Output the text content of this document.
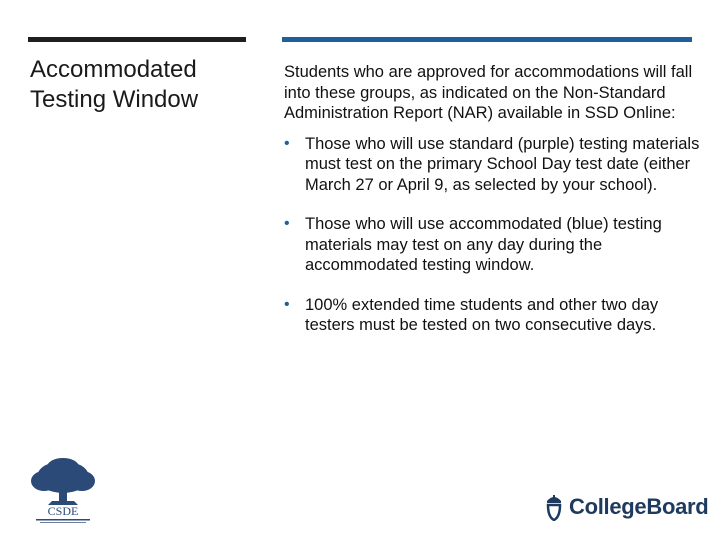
Accommodated Testing Window

Students who are approved for accommodations will fall into these groups, as indicated on the Non-Standard Administration Report (NAR) available in SSD Online:

• Those who will use standard (purple) testing materials must test on the primary School Day test date (either March 27 or April 9, as selected by your school).
• Those who will use accommodated (blue) testing materials may test on any day during the accommodated testing window.
• 100% extended time students and other two day testers must be tested on two consecutive days.
CSDE	CollegeBoard
